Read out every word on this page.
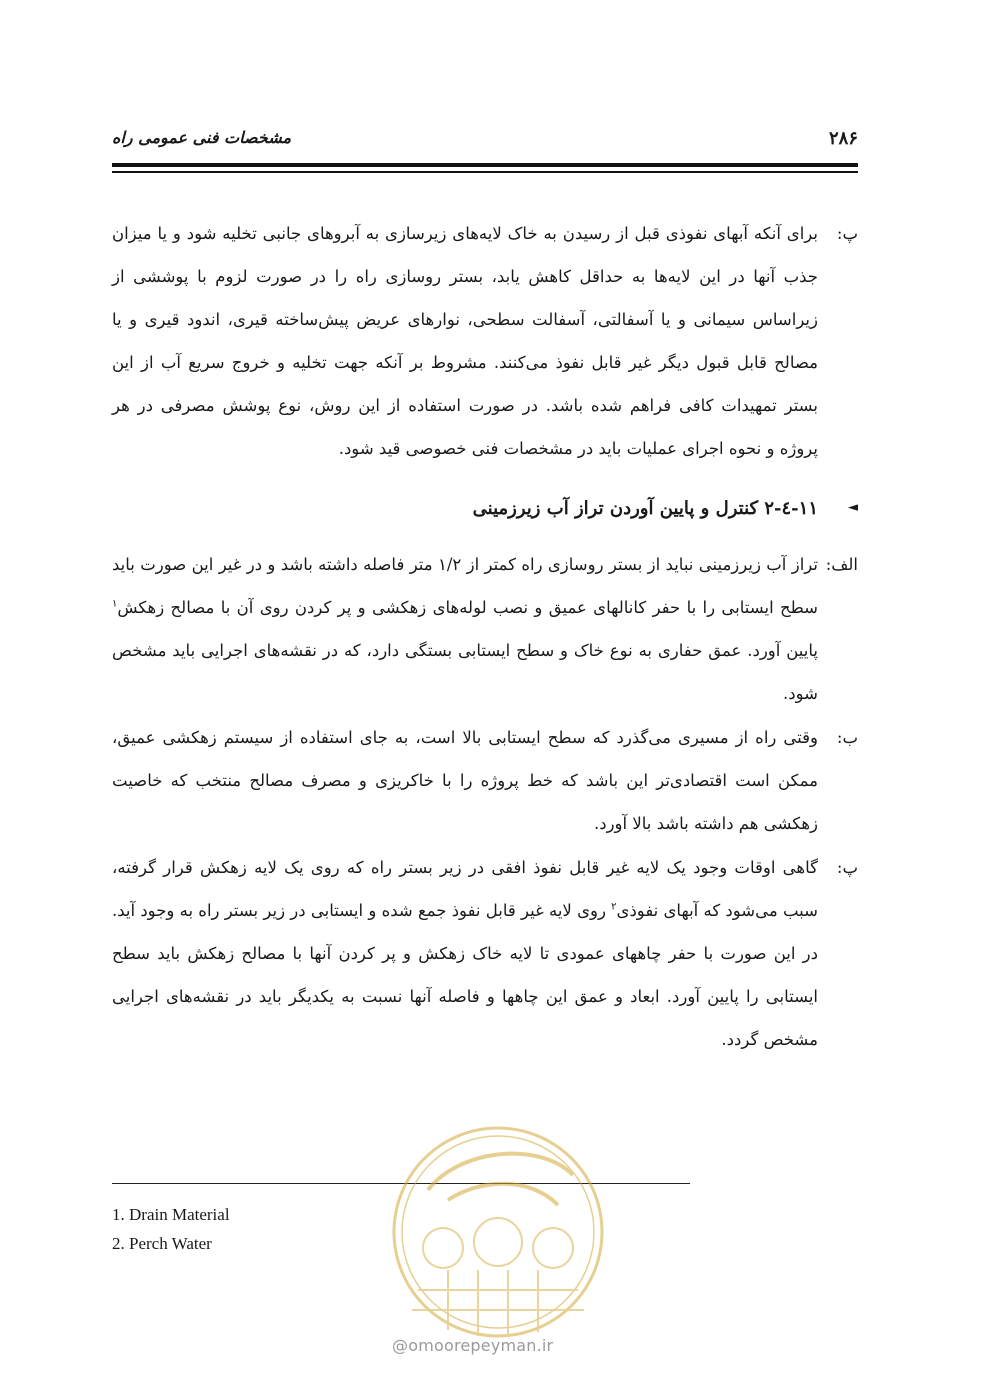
۲۸۶
مشخصات فنی عمومی راه
پ:
برای آنکه آبهای نفوذی قبل از رسیدن به خاک لایه‌های زیرسازی به آبروهای جانبی تخلیه شود و یا میزان جذب آنها در این لایه‌ها به حداقل کاهش یابد، بستر روسازی راه را در صورت لزوم با پوششی از زیراساس سیمانی و یا آسفالتی، آسفالت سطحی، نوارهای عریض پیش‌ساخته قیری، اندود قیری و یا مصالح قابل قبول دیگر غیر قابل نفوذ می‌کنند. مشروط بر آنکه جهت تخلیه و خروج سریع آب از این بستر تمهیدات کافی فراهم شده باشد. در صورت استفاده از این روش، نوع پوشش مصرفی در هر پروژه و نحوه اجرای عملیات باید در مشخصات فنی خصوصی قید شود.
◄
۱۱-٤-۲ کنترل و پایین آوردن تراز آب زیرزمینی
الف:
تراز آب زیرزمینی نباید از بستر روسازی راه کمتر از ۱/۲ متر فاصله داشته باشد و در غیر این صورت باید سطح ایستابی را با حفر کانالهای عمیق و نصب لوله‌های زهکشی و پر کردن روی آن با مصالح زهکش$^۱$ پایین آورد. عمق حفاری به نوع خاک و سطح ایستابی بستگی دارد، که در نقشه‌های اجرایی باید مشخص شود.
ب:
وقتی راه از مسیری می‌گذرد که سطح ایستابی بالا است، به جای استفاده از سیستم زهکشی عمیق، ممکن است اقتصادی‌تر این باشد که خط پروژه را با خاکریزی و مصرف مصالح منتخب که خاصیت زهکشی هم داشته باشد بالا آورد.
پ:
گاهی اوقات وجود یک لایه غیر قابل نفوذ افقی در زیر بستر راه که روی یک لایه زهکش قرار گرفته، سبب می‌شود که آبهای نفوذی$^۲$ روی لایه غیر قابل نفوذ جمع شده و ایستابی در زیر بستر راه به وجود آید. در این صورت با حفر چاههای عمودی تا لایه خاک زهکش و پر کردن آنها با مصالح زهکش باید سطح ایستابی را پایین آورد. ابعاد و عمق این چاهها و فاصله آنها نسبت به یکدیگر باید در نقشه‌های اجرایی مشخص گردد.
1. Drain Material
2. Perch Water
@omoorepeyman.ir
